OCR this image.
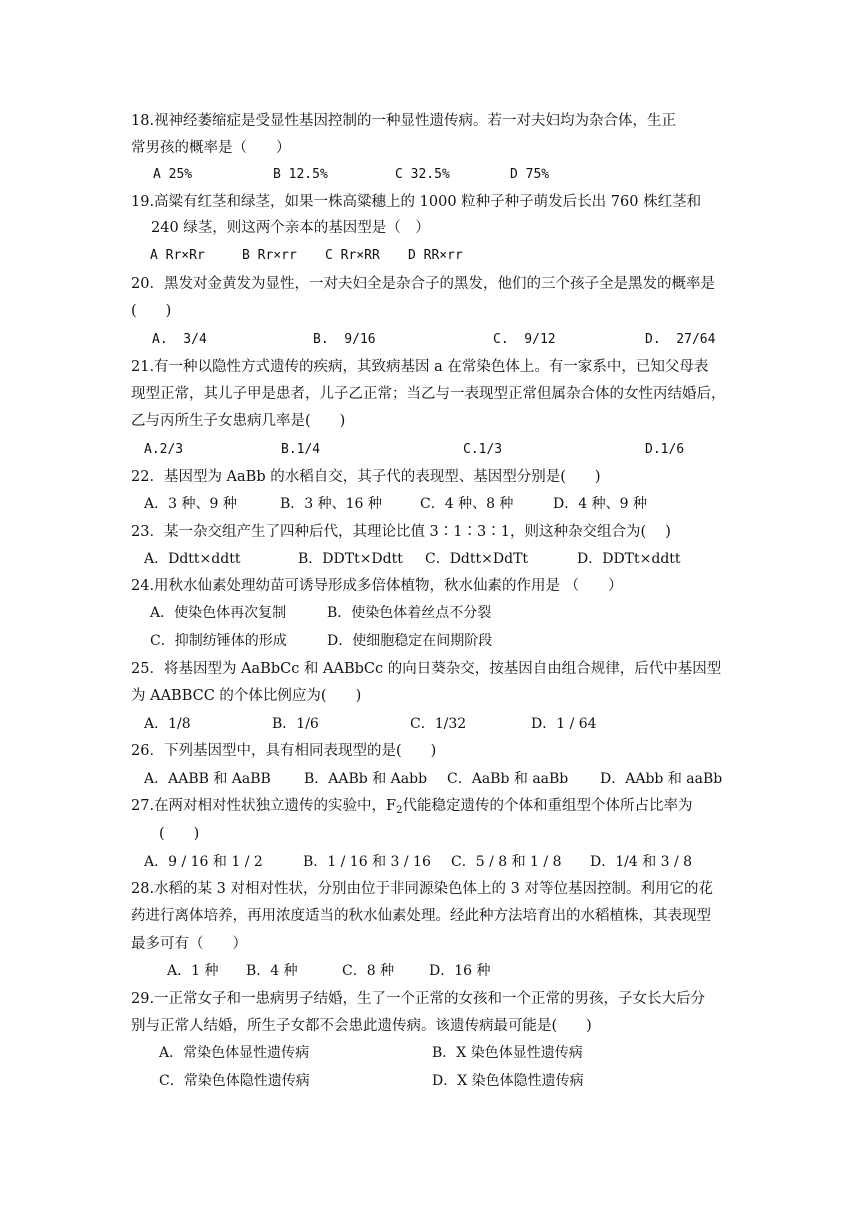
18.视神经萎缩症是受显性基因控制的一种显性遗传病。若一对夫妇均为杂合体，生正
常男孩的概率是（　　）
A 25%	B 12.5%	C 32.5%	D 75%
19.高粱有红茎和绿茎，如果一株高粱穗上的 1000 粒种子种子萌发后长出 760 株红茎和
240 绿茎，则这两个亲本的基因型是（　）
A Rr×Rr	B Rr×rr C Rr×RR D RR×rr
20．黑发对金黄发为显性，一对夫妇全是杂合子的黑发，他们的三个孩子全是黑发的概率是
(　　)
A.  3/4	B.  9/16	C.  9/12	D.  27/64
21.有一种以隐性方式遗传的疾病，其致病基因 a 在常染色体上。有一家系中，已知父母表
现型正常，其儿子甲是患者，儿子乙正常；当乙与一表现型正常但属杂合体的女性丙结婚后，
乙与丙所生子女患病几率是(　　)
A.2/3	B.1/4	C.1/3	D.1/6
22．基因型为 AaBb 的水稻自交，其子代的表现型、基因型分别是(　　)
A．3 种、9 种	B．3 种、16 种	C．4 种、8 种	D．4 种、9 种
23．某一杂交组产生了四种后代，其理论比值 3∶1∶3∶1，则这种杂交组合为(　 )
A．Ddtt×ddtt	B．DDTt×Ddtt C．Ddtt×DdTt	D．DDTt×ddtt
24.用秋水仙素处理幼苗可诱导形成多倍体植物，秋水仙素的作用是 （　　）
A．使染色体再次复制	B．使染色体着丝点不分裂
C．抑制纺锤体的形成	D．使细胞稳定在间期阶段
25．将基因型为 AaBbCc 和 AABbCc 的向日葵杂交，按基因自由组合规律，后代中基因型
为 AABBCC 的个体比例应为(　　)
A．1/8	B．1/6	C．1/32	D．1 / 64
26．下列基因型中，具有相同表现型的是(　　)
A．AABB 和 AaBB B．AABb 和 Aabb C．AaBb 和 aaBb D．AAbb 和 aaBb
27.在两对相对性状独立遗传的实验中，$F_2$代能稳定遗传的个体和重组型个体所占比率为
(　　)
A．9 / 16 和 1 / 2	B．1 / 16 和 3 / 16 C．5 / 8 和 1 / 8 D．1/4 和 3 / 8
28.水稻的某 3 对相对性状，分别由位于非同源染色体上的 3 对等位基因控制。利用它的花
药进行离体培养，再用浓度适当的秋水仙素处理。经此种方法培育出的水稻植株，其表现型
最多可有（　　）
A．1 种 B．4 种	C．8 种 D．16 种
29.一正常女子和一患病男子结婚，生了一个正常的女孩和一个正常的男孩，子女长大后分
别与正常人结婚，所生子女都不会患此遗传病。该遗传病最可能是(　　)
A．常染色体显性遗传病	B．X 染色体显性遗传病
C．常染色体隐性遗传病	D．X 染色体隐性遗传病
